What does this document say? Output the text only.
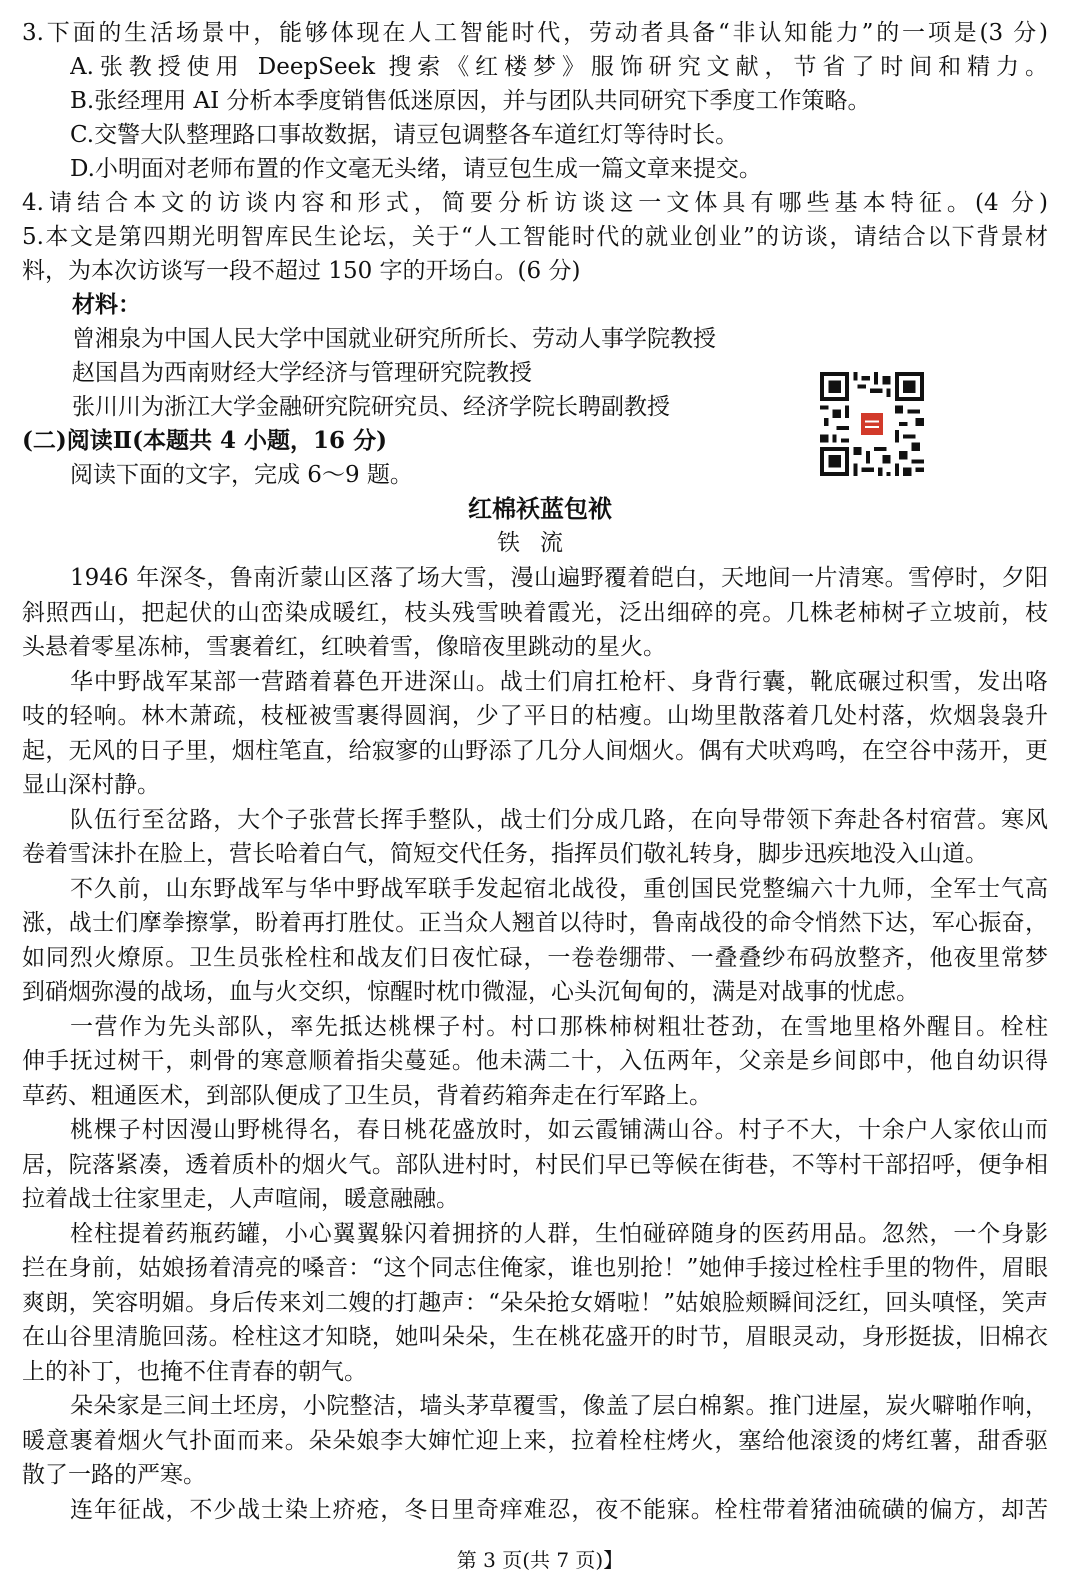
3.下面的生活场景中，能够体现在人工智能时代，劳动者具备“非认知能力”的一项是(3 分)
A.张教授使用 DeepSeek 搜索《红楼梦》服饰研究文献，节省了时间和精力。
B.张经理用 AI 分析本季度销售低迷原因，并与团队共同研究下季度工作策略。
C.交警大队整理路口事故数据，请豆包调整各车道红灯等待时长。
D.小明面对老师布置的作文毫无头绪，请豆包生成一篇文章来提交。
4.请结合本文的访谈内容和形式，简要分析访谈这一文体具有哪些基本特征。(4 分)
5.本文是第四期光明智库民生论坛，关于“人工智能时代的就业创业”的访谈，请结合以下背景材
料，为本次访谈写一段不超过 150 字的开场白。(6 分)
材料：
曾湘泉为中国人民大学中国就业研究所所长、劳动人事学院教授
赵国昌为西南财经大学经济与管理研究院教授
张川川为浙江大学金融研究院研究员、经济学院长聘副教授
(二)阅读Ⅱ(本题共 4 小题，16 分)
阅读下面的文字，完成 6～9 题。
红棉袄蓝包袱
铁流
1946 年深冬，鲁南沂蒙山区落了场大雪，漫山遍野覆着皑白，天地间一片清寒。雪停时，夕阳
斜照西山，把起伏的山峦染成暖红，枝头残雪映着霞光，泛出细碎的亮。几株老柿树孑立坡前，枝
头悬着零星冻柿，雪裹着红，红映着雪，像暗夜里跳动的星火。
华中野战军某部一营踏着暮色开进深山。战士们肩扛枪杆、身背行囊，靴底碾过积雪，发出咯
吱的轻响。林木萧疏，枝桠被雪裹得圆润，少了平日的枯瘦。山坳里散落着几处村落，炊烟袅袅升
起，无风的日子里，烟柱笔直，给寂寥的山野添了几分人间烟火。偶有犬吠鸡鸣，在空谷中荡开，更
显山深村静。
队伍行至岔路，大个子张营长挥手整队，战士们分成几路，在向导带领下奔赴各村宿营。寒风
卷着雪沫扑在脸上，营长哈着白气，简短交代任务，指挥员们敬礼转身，脚步迅疾地没入山道。
不久前，山东野战军与华中野战军联手发起宿北战役，重创国民党整编六十九师，全军士气高
涨，战士们摩拳擦掌，盼着再打胜仗。正当众人翘首以待时，鲁南战役的命令悄然下达，军心振奋，
如同烈火燎原。卫生员张栓柱和战友们日夜忙碌，一卷卷绷带、一叠叠纱布码放整齐，他夜里常梦
到硝烟弥漫的战场，血与火交织，惊醒时枕巾微湿，心头沉甸甸的，满是对战事的忧虑。
一营作为先头部队，率先抵达桃棵子村。村口那株柿树粗壮苍劲，在雪地里格外醒目。栓柱
伸手抚过树干，刺骨的寒意顺着指尖蔓延。他未满二十，入伍两年，父亲是乡间郎中，他自幼识得
草药、粗通医术，到部队便成了卫生员，背着药箱奔走在行军路上。
桃棵子村因漫山野桃得名，春日桃花盛放时，如云霞铺满山谷。村子不大，十余户人家依山而
居，院落紧凑，透着质朴的烟火气。部队进村时，村民们早已等候在街巷，不等村干部招呼，便争相
拉着战士往家里走，人声喧闹，暖意融融。
栓柱提着药瓶药罐，小心翼翼躲闪着拥挤的人群，生怕碰碎随身的医药用品。忽然，一个身影
拦在身前，姑娘扬着清亮的嗓音：“这个同志住俺家，谁也别抢！”她伸手接过栓柱手里的物件，眉眼
爽朗，笑容明媚。身后传来刘二嫂的打趣声：“朵朵抢女婿啦！”姑娘脸颊瞬间泛红，回头嗔怪，笑声
在山谷里清脆回荡。栓柱这才知晓，她叫朵朵，生在桃花盛开的时节，眉眼灵动，身形挺拔，旧棉衣
上的补丁，也掩不住青春的朝气。
朵朵家是三间土坯房，小院整洁，墙头茅草覆雪，像盖了层白棉絮。推门进屋，炭火噼啪作响，
暖意裹着烟火气扑面而来。朵朵娘李大婶忙迎上来，拉着栓柱烤火，塞给他滚烫的烤红薯，甜香驱
散了一路的严寒。
连年征战，不少战士染上疥疮，冬日里奇痒难忍，夜不能寐。栓柱带着猪油硫磺的偏方，却苦
第 3 页(共 7 页)】
